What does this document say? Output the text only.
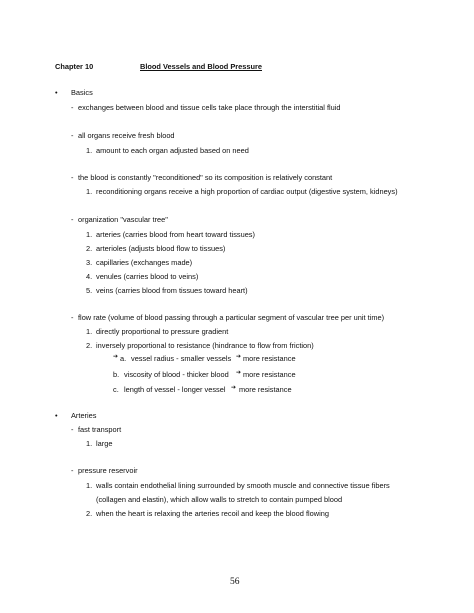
Chapter 10	Blood Vessels and Blood Pressure
• Basics
- exchanges between blood and tissue cells take place through the interstitial fluid
- all organs receive fresh blood
1. amount to each organ adjusted based on need
- the blood is constantly "reconditioned" so its composition is relatively constant
1. reconditioning organs receive a high proportion of cardiac output (digestive system, kidneys)
- organization "vascular tree"
1. arteries (carries blood from heart toward tissues)
2. arterioles (adjusts blood flow to tissues)
3. capillaries (exchanges made)
4. venules (carries blood to veins)
5. veins (carries blood from tissues toward heart)
- flow rate (volume of blood passing through a particular segment of vascular tree per unit time)
1. directly proportional to pressure gradient
2. inversely proportional to resistance (hindrance to flow from friction)
➔ a. vessel radius - smaller vessels ➔ more resistance
b. viscosity of blood - thicker blood ➔ more resistance
c. length of vessel - longer vessel ➔ more resistance
• Arteries
- fast transport
1. large
- pressure reservoir
1. walls contain endothelial lining surrounded by smooth muscle and connective tissue fibers
(collagen and elastin), which allow walls to stretch to contain pumped blood
2. when the heart is relaxing the arteries recoil and keep the blood flowing
56
